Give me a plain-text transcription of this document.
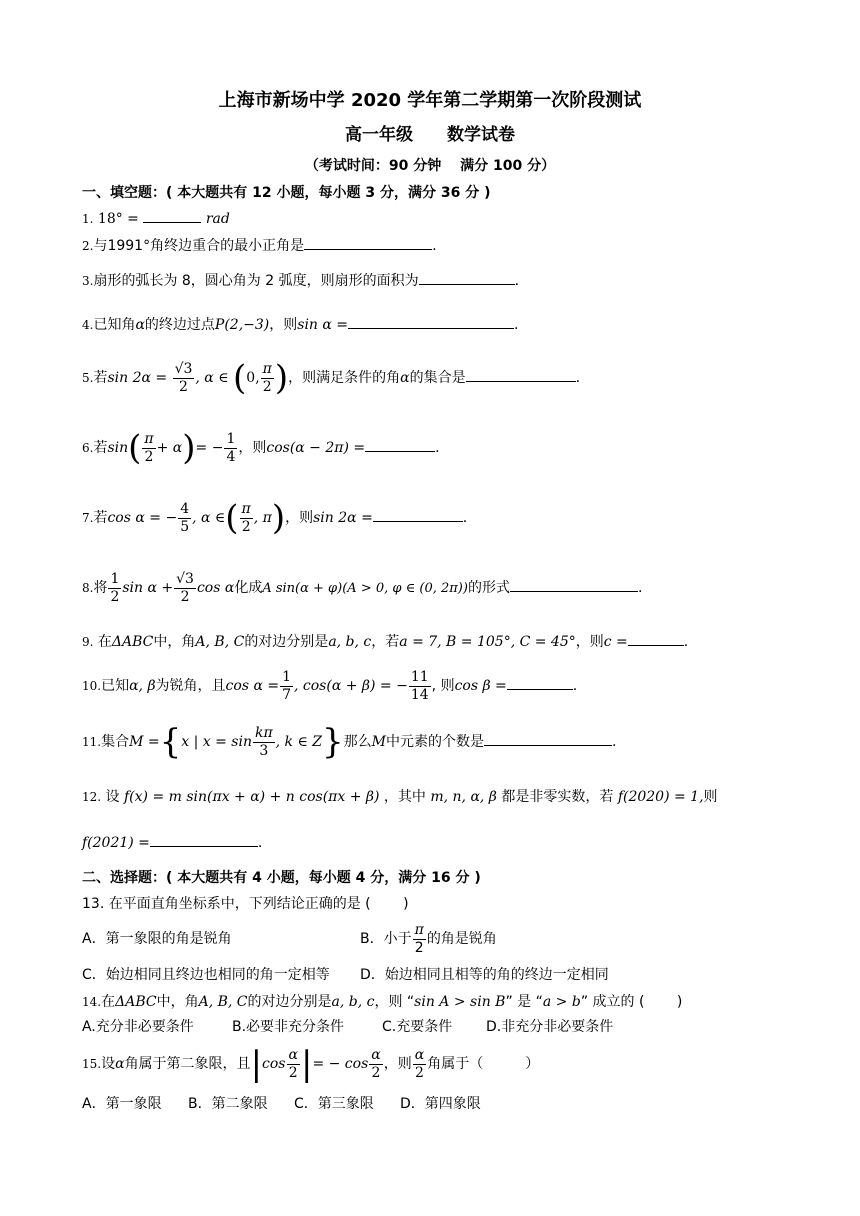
上海市新场中学 2020 学年第二学期第一次阶段测试
高一年级　　数学试卷
（考试时间：90 分钟　 满分 100 分）
一、填空题：( 本大题共有 12 小题，每小题 3 分，满分 36 分 )
1. 18° =	rad
2.与1991°角终边重合的最小正角是	.
3.扇形的弧长为 8，圆心角为 2 弧度，则扇形的面积为	.
4.已知角α的终边过点P(2,−3)，则sin α =	.
5.若$\sin 2\alpha = \frac{√3}{2}$ , α ∈ (0, $\frac{\pi}{2}$ )，则满足条件的角α的集合是	.
6.若$\sin( \frac{\pi}{2} + \alpha)= - \frac{1}{4}$ ，则cos(α − 2π) =	.
7.若cos α = − $\frac{4}{5}$ , α ∈( $\frac{\pi}{2}$ , π)，则sin 2α =	.
8.将 $\frac{1}{2}$ $\sin \alpha + \frac{√3}{2}$ cos α化成A sin(α + φ)(A > 0, φ ∈ (0, 2π))的形式	.
9. 在ΔABC中，角A, B, C的对边分别是a, b, c，若a = 7, B = 105°, C = 45°，则c =	.
10.已知α, β为锐角，且$\cos \alpha = \frac{1}{7}$ , cos(α + β) = − $\frac{11}{14}$ , 则cos β =	.
11.集合M ={x | $x = \sin \frac{k\pi}{3}$ , k ∈ Z}那么M中元素的个数是	.
12. 设 f(x) = m sin(πx + α) + n cos(πx + β) ，其中 m, n, α, β 都是非零实数，若 f(2020) = 1,则
f(2021) =	.
二、选择题：( 本大题共有 4 小题，每小题 4 分，满分 16 分 )
13. 在平面直角坐标系中，下列结论正确的是 (　　 )
A．第一象限的角是锐角	B．小于 $\frac{\pi}{2}$ 的角是锐角
C．始边相同且终边也相同的角一定相等 D．始边相同且相等的角的终边一定相同
14.在ΔABC中，角A, B, C的对边分别是a, b, c，则 “sin A > sin B” 是 “a > b” 成立的 (　　 )
A.充分非必要条件	B.必要非充分条件	C.充要条件 D.非充分非必要条件
15.设α角属于第二象限，且$|\cos \frac{\alpha}{2}$ |= − $\cos \frac{\alpha}{2}$ ，则 $\frac{\alpha}{2}$ 角属于（　　　）
A．第一象限 B．第二象限 C．第三象限 D．第四象限
